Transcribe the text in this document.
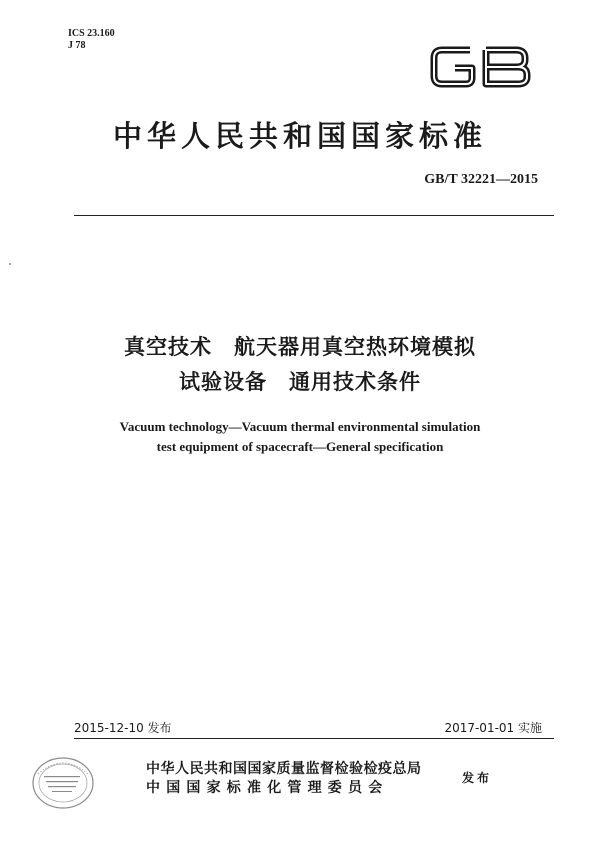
ICS 23.160
J 78
中华人民共和国国家标准
GB/T 32221—2015
真空技术　航天器用真空热环境模拟
试验设备　通用技术条件
Vacuum technology—Vacuum thermal environmental simulation
test equipment of spacecraft—General specification
2015-12-10 发布	2017-01-01 实施
中华人民共和国国家质量监督检验检疫总局
中国国家标准化管理委员会
发布
